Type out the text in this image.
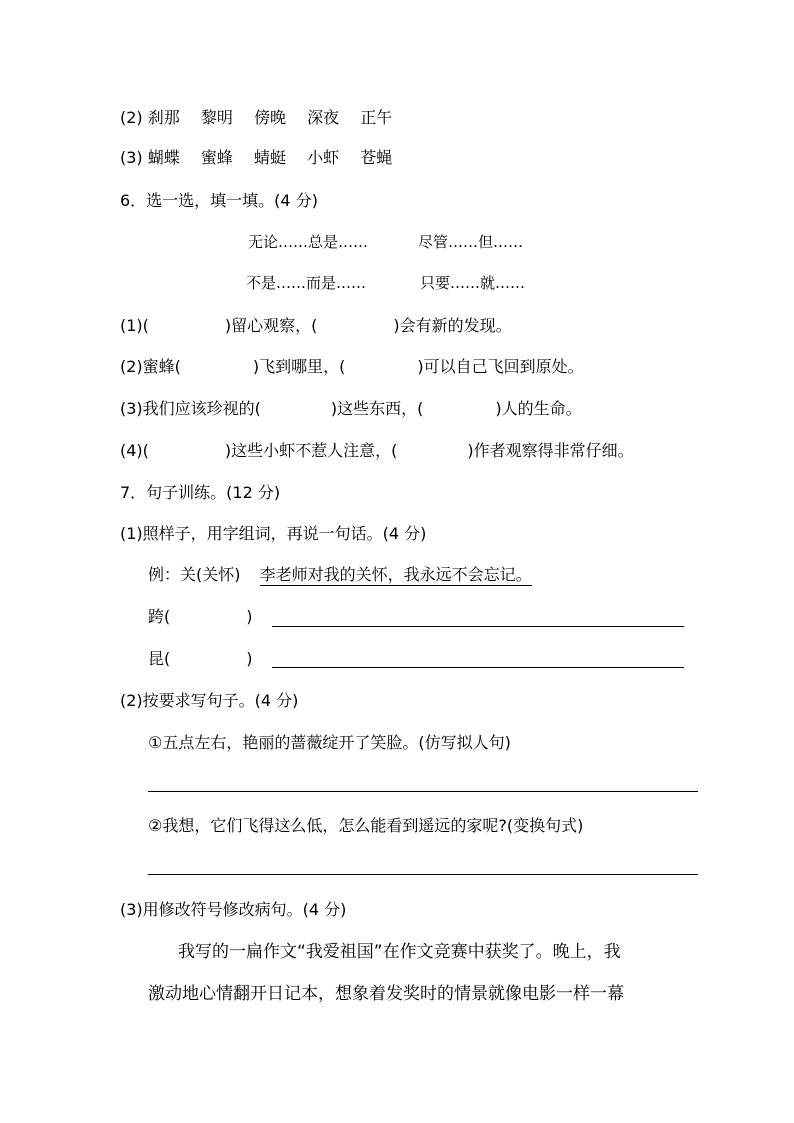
(2) 刹那 黎明 傍晚 深夜 正午
(3) 蝴蝶 蜜蜂 蜻蜓 小虾 苍蝇
6．选一选，填一填。(4 分)
无论……总是……	尽管……但……
不是……而是……	只要……就……
(1)(	)留心观察，(	)会有新的发现。
(2)蜜蜂(	)飞到哪里，(	)可以自己飞回到原处。
(3)我们应该珍视的(	)这些东西，(	)人的生命。
(4)(	)这些小虾不惹人注意，(	)作者观察得非常仔细。
7．句子训练。(12 分)
(1)照样子，用字组词，再说一句话。(4 分)
例：关(关怀) 李老师对我的关怀，我永远不会忘记。
跨(	)
昆(	)
(2)按要求写句子。(4 分)
①五点左右，艳丽的蔷薇绽开了笑脸。(仿写拟人句)
②我想，它们飞得这么低，怎么能看到遥远的家呢?(变换句式)
(3)用修改符号修改病句。(4 分)
我写的一扁作文“我爱祖国”在作文竞赛中获奖了。晚上，我
激动地心情翻开日记本，想象着发奖时的情景就像电影一样一幕
